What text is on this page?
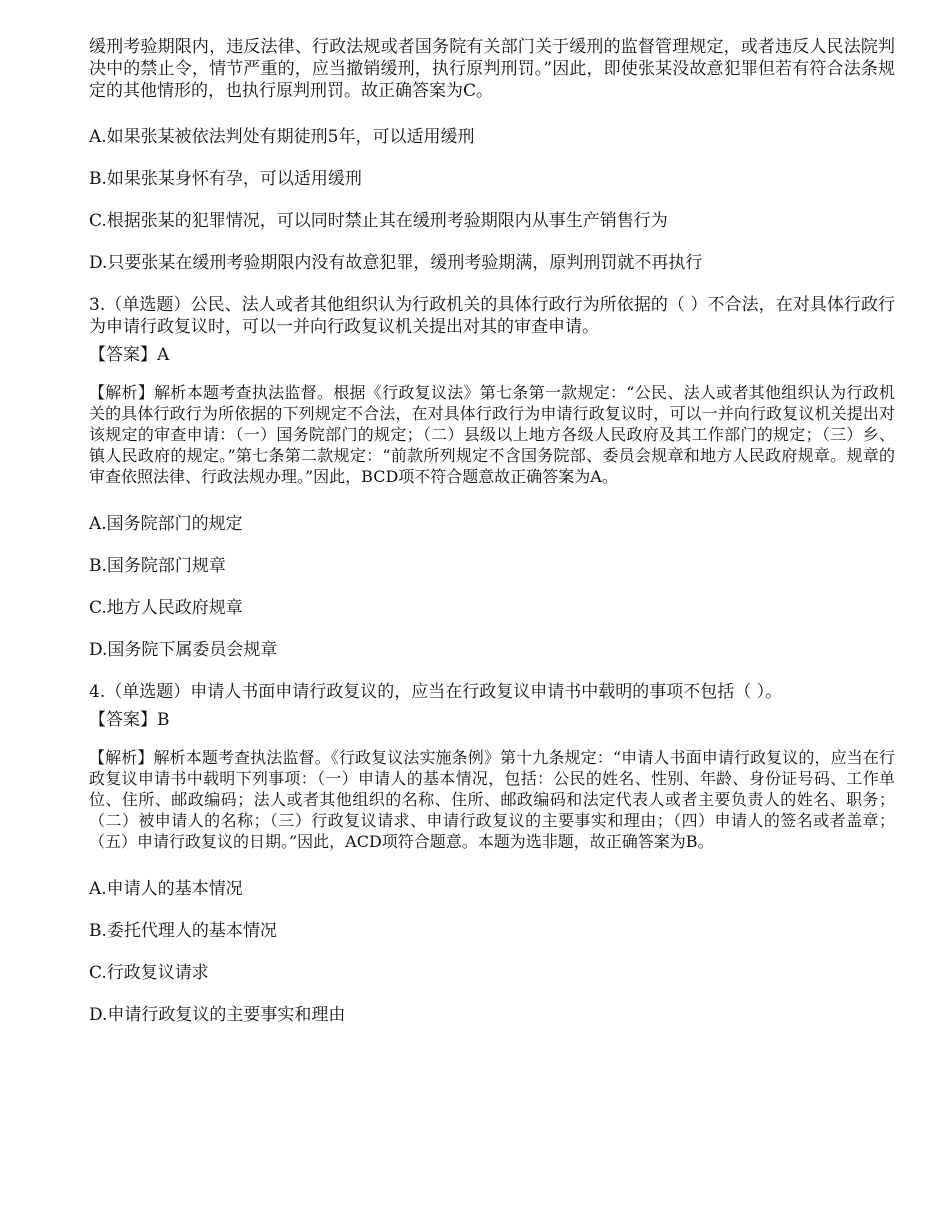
缓刑考验期限内，违反法律、行政法规或者国务院有关部门关于缓刑的监督管理规定，或者违反人民法院判决中的禁止令，情节严重的，应当撤销缓刑，执行原判刑罚。”因此，即使张某没故意犯罪但若有符合法条规定的其他情形的，也执行原判刑罚。故正确答案为C。

A.如果张某被依法判处有期徒刑5年，可以适用缓刑

B.如果张某身怀有孕，可以适用缓刑

C.根据张某的犯罪情况，可以同时禁止其在缓刑考验期限内从事生产销售行为

D.只要张某在缓刑考验期限内没有故意犯罪，缓刑考验期满，原判刑罚就不再执行

3.（单选题）公民、法人或者其他组织认为行政机关的具体行政行为所依据的（ ）不合法，在对具体行政行为申请行政复议时，可以一并向行政复议机关提出对其的审查申请。

【答案】A

【解析】解析本题考查执法监督。根据《行政复议法》第七条第一款规定：“公民、法人或者其他组织认为行政机关的具体行政行为所依据的下列规定不合法，在对具体行政行为申请行政复议时，可以一并向行政复议机关提出对该规定的审查申请：（一）国务院部门的规定；（二）县级以上地方各级人民政府及其工作部门的规定；（三）乡、镇人民政府的规定。”第七条第二款规定：“前款所列规定不含国务院部、委员会规章和地方人民政府规章。规章的审查依照法律、行政法规办理。”因此，BCD项不符合题意故正确答案为A。

A.国务院部门的规定

B.国务院部门规章

C.地方人民政府规章

D.国务院下属委员会规章

4.（单选题）申请人书面申请行政复议的，应当在行政复议申请书中载明的事项不包括（ ）。

【答案】B

【解析】解析本题考查执法监督。《行政复议法实施条例》第十九条规定：“申请人书面申请行政复议的，应当在行政复议申请书中载明下列事项：（一）申请人的基本情况，包括：公民的姓名、性别、年龄、身份证号码、工作单位、住所、邮政编码；法人或者其他组织的名称、住所、邮政编码和法定代表人或者主要负责人的姓名、职务；（二）被申请人的名称；（三）行政复议请求、申请行政复议的主要事实和理由；（四）申请人的签名或者盖章；（五）申请行政复议的日期。”因此，ACD项符合题意。本题为选非题，故正确答案为B。

A.申请人的基本情况

B.委托代理人的基本情况

C.行政复议请求

D.申请行政复议的主要事实和理由
